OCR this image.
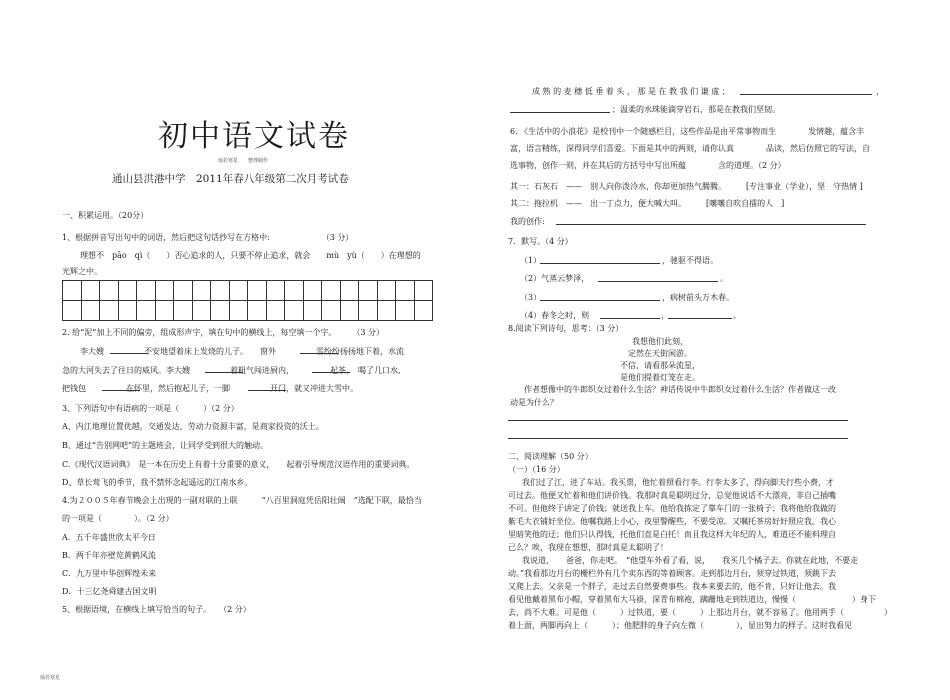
初中语文试卷
灿若寒星　　整理制作
通山县洪港中学　2011年春八年级第二次月考试卷
一、积累运用。（20分）
1、根据拼音写出句中的词语，然后把这句话抄写在方格中:　　　　　　　（3 分）
理想不　pāo　qì（　　）否心追求的人，只要不停止追求，就会　　mù　yù（　　）在理想的
光辉之中。
2. 给“泥”加上不同的偏旁，组成形声字，填在句中的横线上，每空填一个字。　　　（3 分）
李大嫂　　　　　不安地望着床上发烧的儿子。　　窗外　　　　　雪纷纷扬扬地下着，水流
急的大河失去了往日的威风。李大嫂　　　　　着粗气闯进厨内，　　　　　起茶，　喝了几口水,
把钱包　　　　　在怀里，然后抱起儿子，一脚　　　　　开门，就又冲进大雪中。
3、下列语句中有语病的一项是（　　　）（2 分）
A、内江地理位置优越，交通发达，劳动力资源丰富，是商家投资的沃土。
B、通过“告别网吧”的主题班会，让同学受到很大的触动。
C.《现代汉语词典》　是一本在历史上有着十分重要的意义，　　起着引导规范汉语作用的重要词典。
D、草长莺飞的季节，我不禁怀念起遥远的江南水乡。
4.为２００５年春节晚会上出现的一副对联的上联　　　“八百里洞庭凭岳阳壮阔　”选配下联，最恰当
的一项是（　　　　）。（2 分）
A．五千年盛世欣太平今日
B．两千年亦壁览黄鹤风流
C．九万里中华创辉煌未来
D．十三亿尧舜建古国文明
5、根据语境，在横线上填写恰当的句子。　　（2 分）
灿若寒星
成 熟 的 麦 穗 低 垂 着 头 ， 那 是 在 教 我 们 谦 虚 ；	，
；温柔的水珠能滴穿岩石，那是在教我们坚韧。
6. 《生活中的小浪花》是校刊中一个随感栏目，这些作品是由平常事物而生　　　　发情趣，蕴含丰
富，语言精练，深得同学们喜爱。下面是其中的两则，请你认真　　　　品读，然后仿照它的写法，自
选事物，创作一则，并在其后的方括号中写出所蕴　　　　含的道理。（2 分）
其一：石灰石　——　别人向你泼冷水，你却更加热气腾腾。　　　[专注事业（学业），坚　守热情 ]
其二：拖拉机　——　出一丁点力，便大喊大叫。　　　[嚷嚷自吹自擂的人　]
我的创作:
7．默写。（4 分）
（1）	，驰驱不得语。
（2）气蒸云梦泽，	。
（3）	，病树前头万木春。
（4）春冬之时，则	，	。
8.阅读下列诗句，思考：（3 分）
我想他们此刻，
定然在天街闲游。
不信，请看那朵流星，
是他们提着灯笼在走。
作者想像中的牛郎织女过着什么生活？神话传说中牛郎织女过着什么生活？作者做这一改
动是为什么？
二、阅读理解（50 分）
（一）（16 分）
我们过了江，进了车站。我买票，他忙着照看行李。行李太多了，得向脚夫行些小费，才
可过去。他便又忙着和他们讲价钱。我那时真是聪明过分，总觉他说话不大漂亮，非自己插嘴
不可。但他终于讲定了价钱；就送我上车。他给我拣定了靠车门的一张椅子；我将他给我做的
紫毛大衣铺好坐位。他嘱我路上小心，夜里警醒些，不要受凉。又嘱托茶房好好照应我。我心
里暗笑他的迂；他们只认得钱，托他们直是白托！而且我这样大年纪的人，难道还不能料理自
己么？唉，我现在想想，那时真是太聪明了！
我说道，　　爸爸，你走吧。　“他望车外看了看，说，　　我买几个橘子去。你就在此地，不要走
动。”我看那边月台的栅栏外有几个卖东西的等着顾客。走到那边月台，须穿过铁道，须跳下去
又爬上去。父亲是一个胖子，走过去自然要费事些。我本来要去的，他不肯，只好让他去。我
看见他戴着黑布小帽，穿着黑布大马褂，深青布棉袍，蹒跚地走到铁道边，慢慢（　　　　　　　）身下
去，尚不大难。可是他（　　　）过铁道，要（　　　）上那边月台，就不容易了。他用两手（　　　　　）
着上面，两脚再向上（　　　）；他肥胖的身子向左微（　　　　），显出努力的样子。这时我看见
